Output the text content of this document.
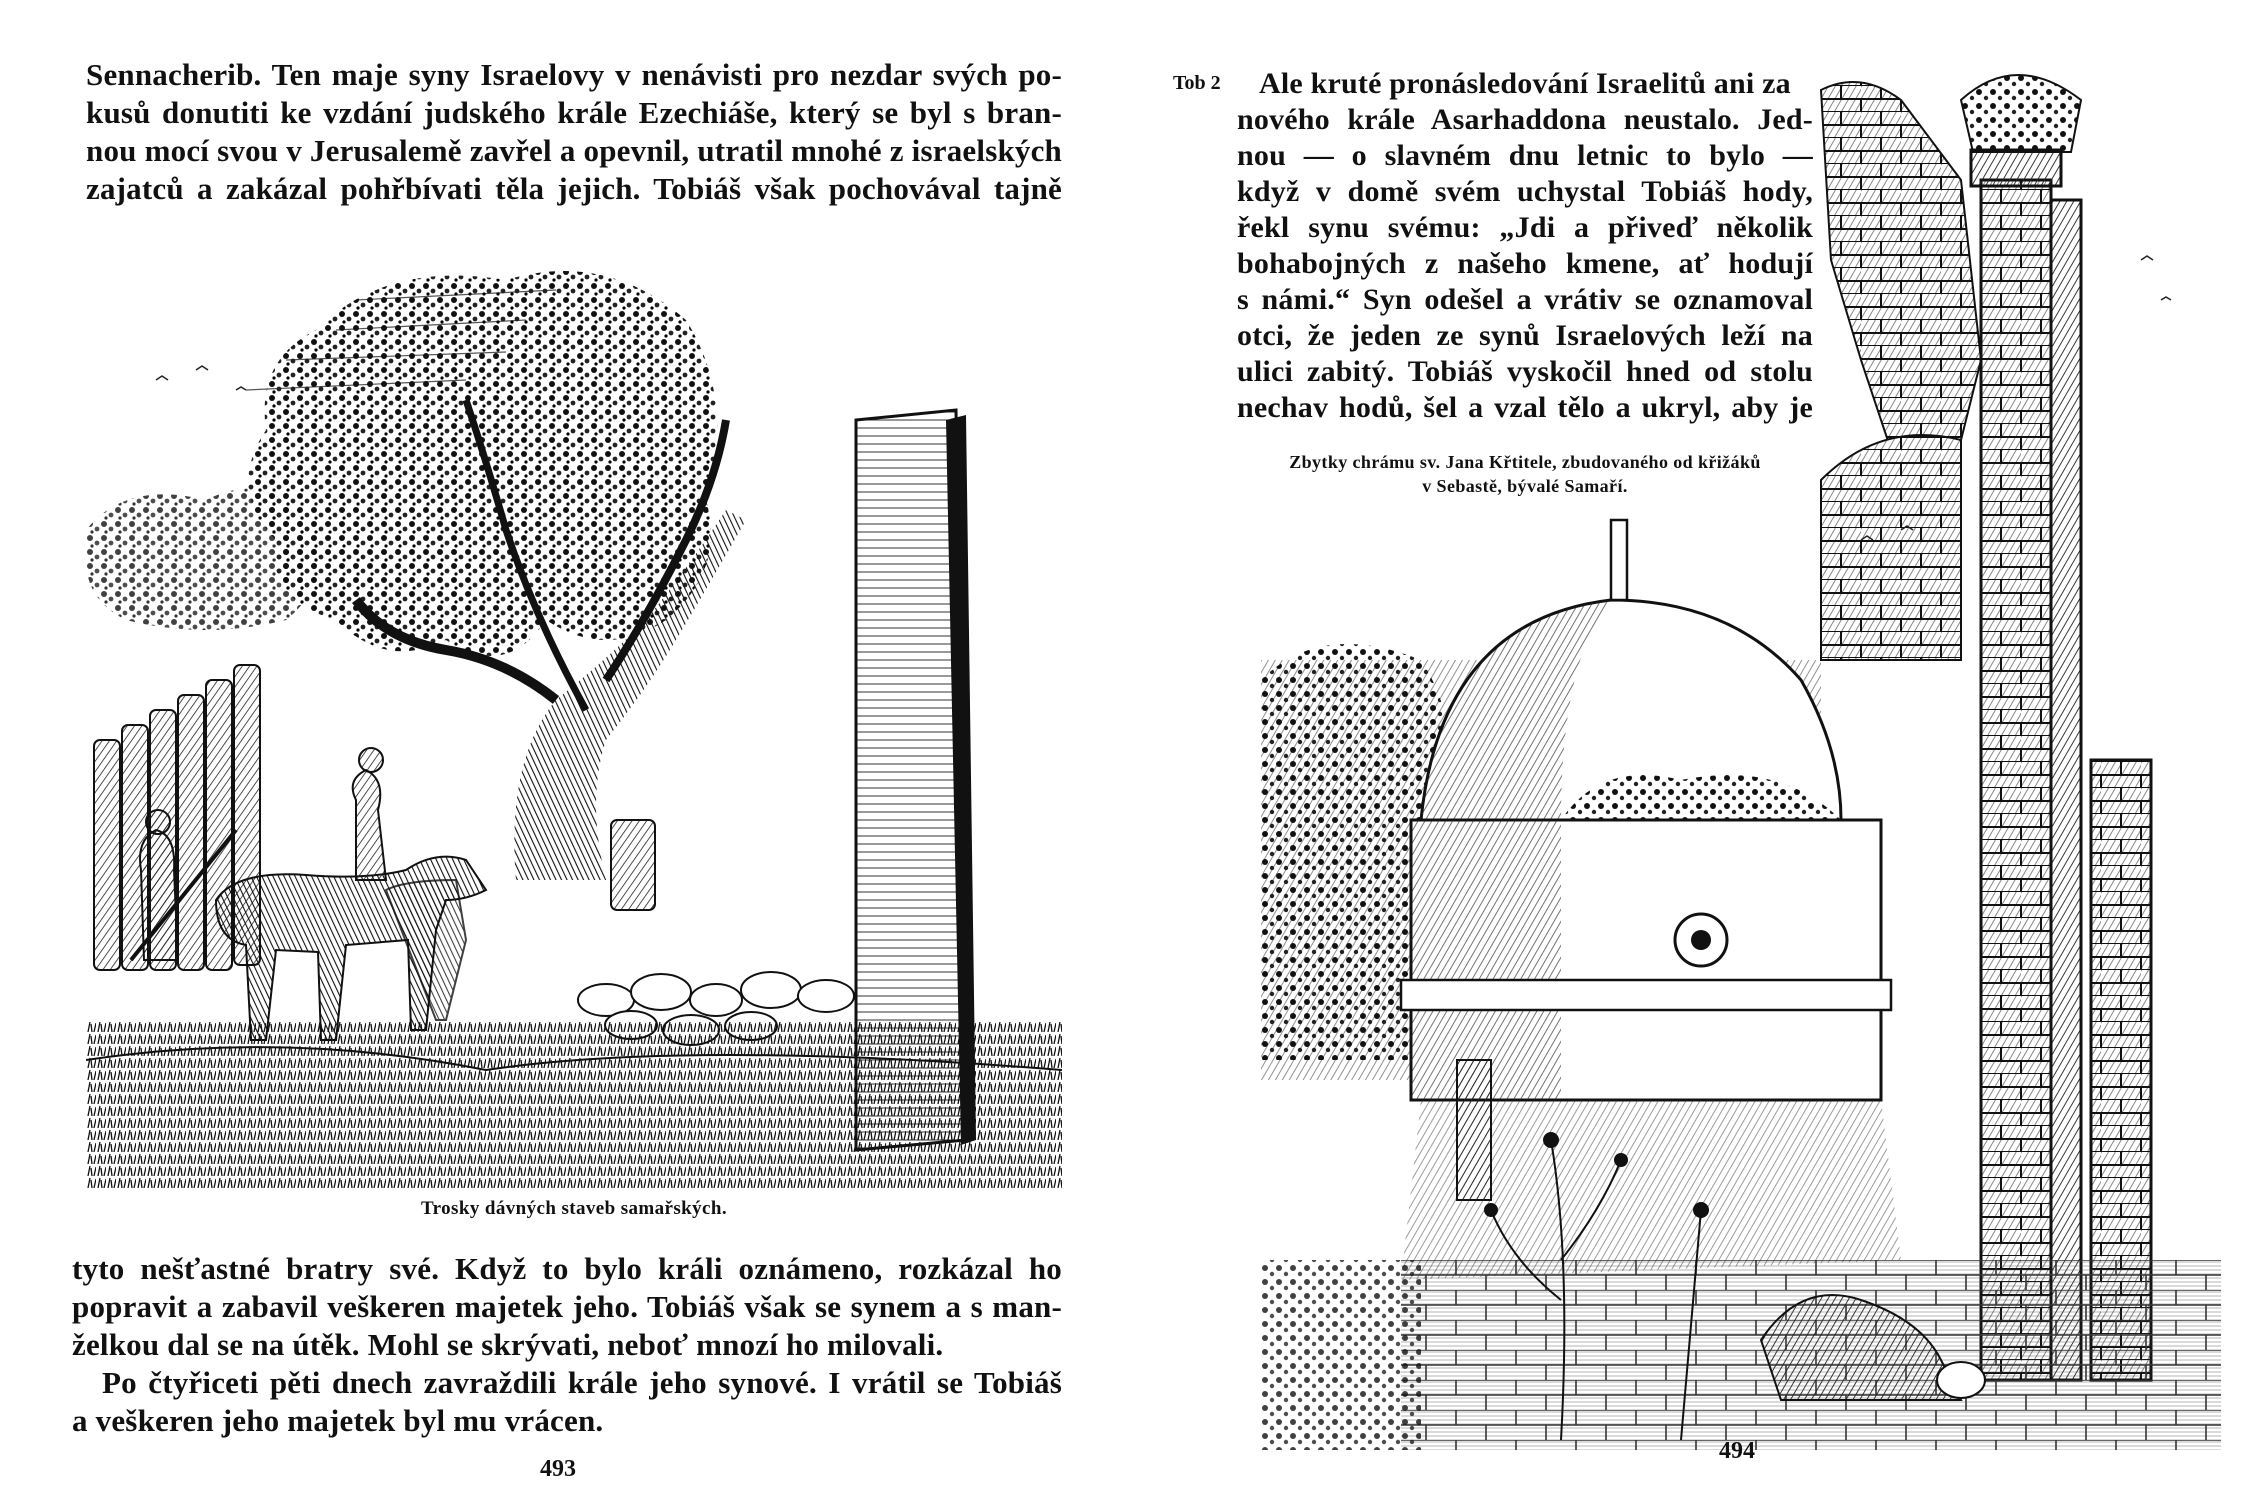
Sennacherib. Ten maje syny Israelovy v nenávisti pro nezdar svých po-
kusů donutiti ke vzdání judského krále Ezechiáše, který se byl s bran-
nou mocí svou v Jerusalemě zavřel a opevnil, utratil mnohé z israelských
zajatců a zakázal pohřbívati těla jejich. Tobiáš však pochovával tajně
Trosky dávných staveb samařských.
tyto nešťastné bratry své. Když to bylo králi oznámeno, rozkázal ho
popravit a zabavil veškeren majetek jeho. Tobiáš však se synem a s man-
želkou dal se na útěk. Mohl se skrývati, neboť mnozí ho milovali.
Po čtyřiceti pěti dnech zavraždili krále jeho synové. I vrátil se Tobiáš
a veškeren jeho majetek byl mu vrácen.
493
Tob 2	Ale kruté pronásledování Israelitů ani za
nového krále Asarhaddona neustalo. Jed-
nou — o slavném dnu letnic to bylo —
když v domě svém uchystal Tobiáš hody,
řekl synu svému: „Jdi a přiveď několik
bohabojných z našeho kmene, ať hodují
s námi.“ Syn odešel a vrátiv se oznamoval
otci, že jeden ze synů Israelových leží na
ulici zabitý. Tobiáš vyskočil hned od stolu
nechav hodů, šel a vzal tělo a ukryl, aby je
Zbytky chrámu sv. Jana Křtitele, zbudovaného od křižáků
v Sebastě, bývalé Samaří.
494
